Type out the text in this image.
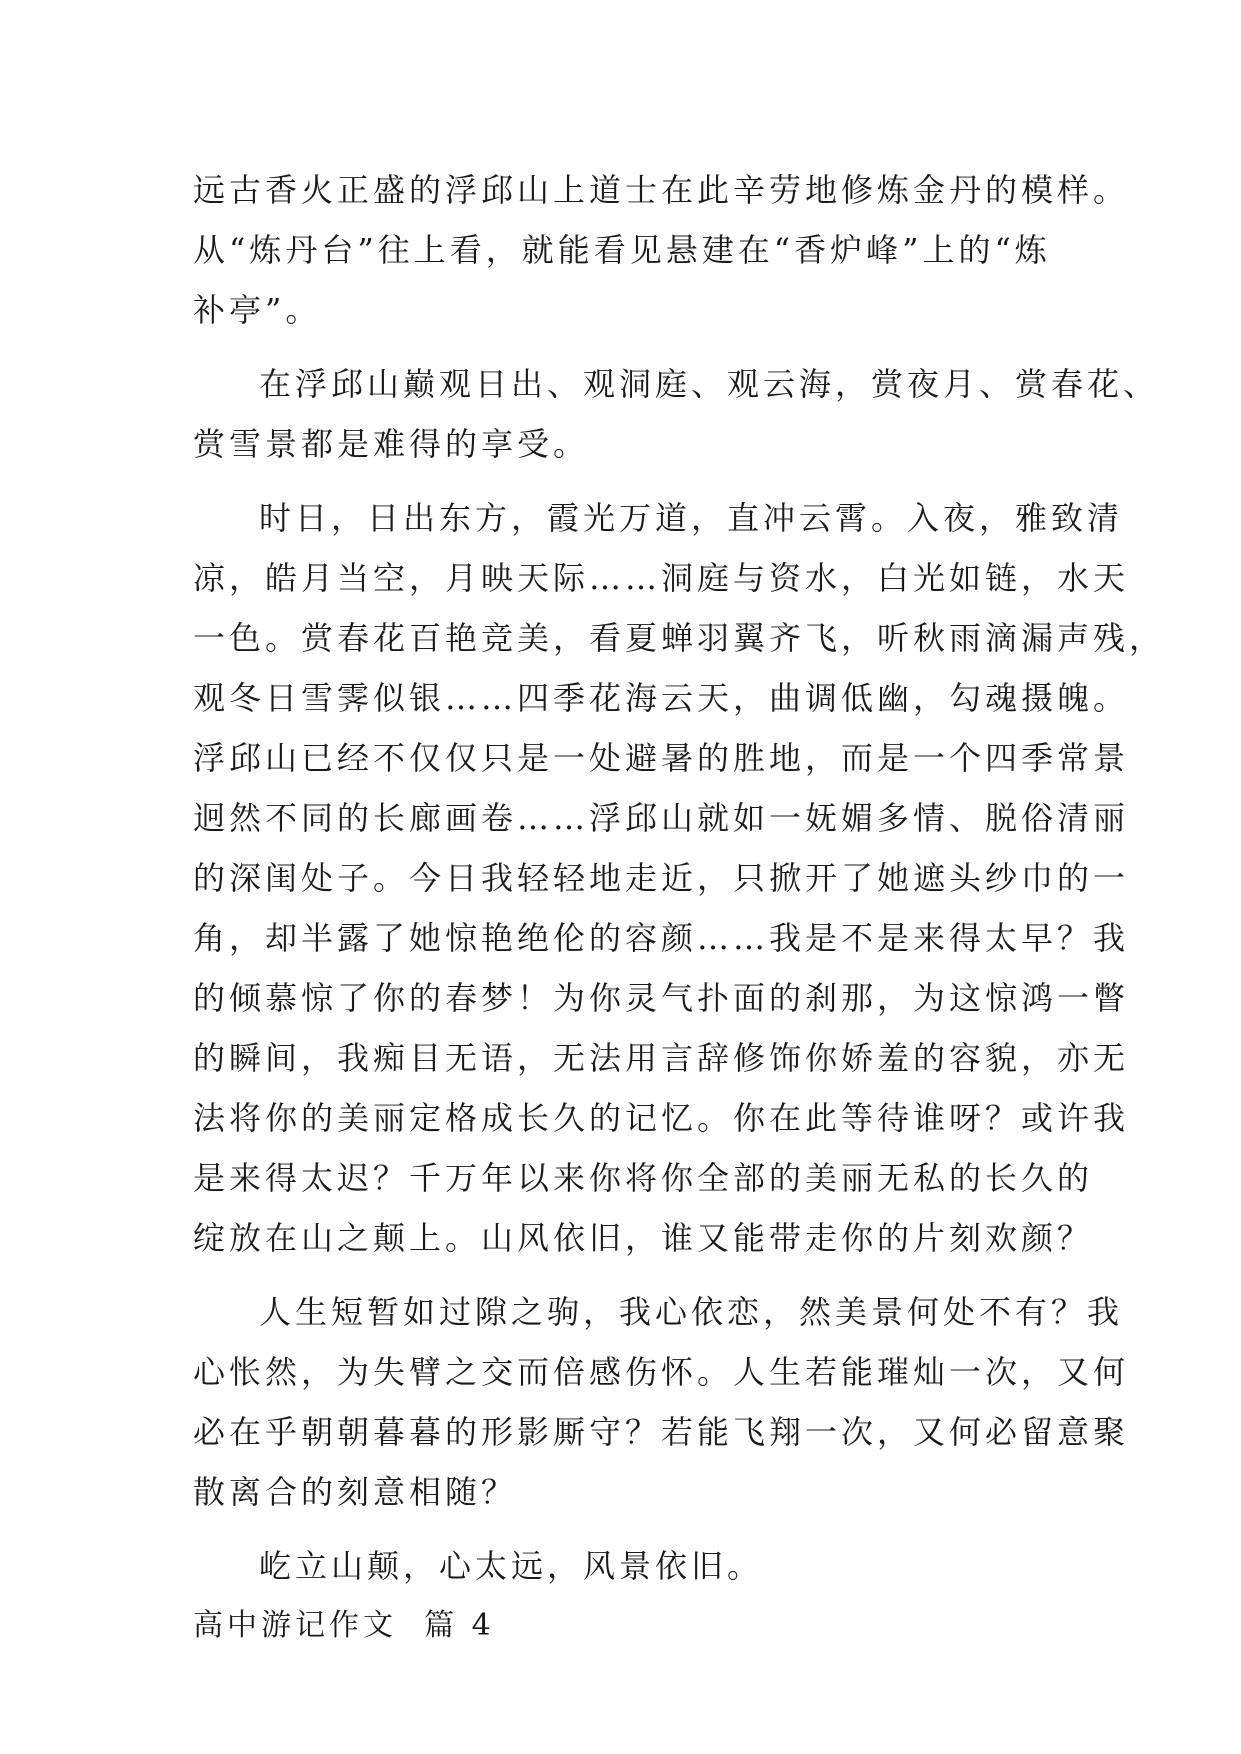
远古香火正盛的浮邱山上道士在此辛劳地修炼金丹的模样。
从“炼丹台”往上看，就能看见悬建在“香炉峰”上的“炼
补亭”。
在浮邱山巅观日出、观洞庭、观云海，赏夜月、赏春花、
赏雪景都是难得的享受。
时日，日出东方，霞光万道，直冲云霄。入夜，雅致清
凉，皓月当空，月映天际……洞庭与资水，白光如链，水天
一色。赏春花百艳竞美，看夏蝉羽翼齐飞，听秋雨滴漏声残，
观冬日雪霁似银……四季花海云天，曲调低幽，勾魂摄魄。
浮邱山已经不仅仅只是一处避暑的胜地，而是一个四季常景
迥然不同的长廊画卷……浮邱山就如一妩媚多情、脱俗清丽
的深闺处子。今日我轻轻地走近，只掀开了她遮头纱巾的一
角，却半露了她惊艳绝伦的容颜……我是不是来得太早？我
的倾慕惊了你的春梦！为你灵气扑面的刹那，为这惊鸿一瞥
的瞬间，我痴目无语，无法用言辞修饰你娇羞的容貌，亦无
法将你的美丽定格成长久的记忆。你在此等待谁呀？或许我
是来得太迟？千万年以来你将你全部的美丽无私的长久的
绽放在山之颠上。山风依旧，谁又能带走你的片刻欢颜？
人生短暂如过隙之驹，我心依恋，然美景何处不有？我
心怅然，为失臂之交而倍感伤怀。人生若能璀灿一次，又何
必在乎朝朝暮暮的形影厮守？若能飞翔一次，又何必留意聚
散离合的刻意相随？
屹立山颠，心太远，风景依旧。
高中游记作文  篇 4
